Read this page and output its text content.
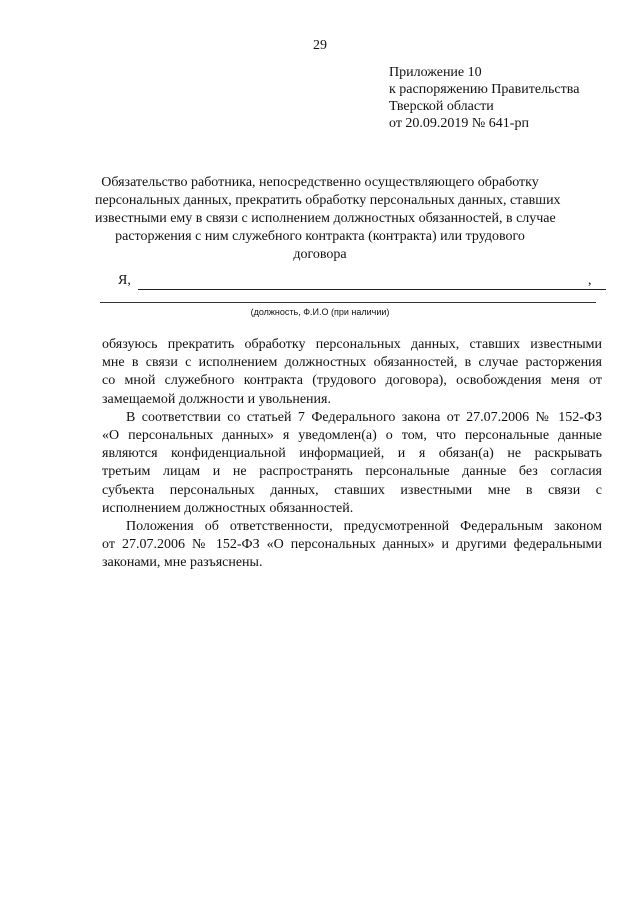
29
Приложение 10
к распоряжению Правительства
Тверской области
от 20.09.2019 № 641-рп
Обязательство работника, непосредственно осуществляющего обработку
персональных данных, прекратить обработку персональных данных, ставших
известными ему в связи с исполнением должностных обязанностей, в случае
расторжения с ним служебного контракта (контракта) или трудового
договора
Я,	,
(должность, Ф.И.О (при наличии)
обязуюсь прекратить обработку персональных данных, ставших известными
мне в связи с исполнением должностных обязанностей, в случае расторжения
со мной служебного контракта (трудового договора), освобождения меня от
замещаемой должности и увольнения.
В соответствии со статьей 7 Федерального закона от 27.07.2006 № 152-ФЗ
«О персональных данных» я уведомлен(а) о том, что персональные данные
являются конфиденциальной информацией, и я обязан(а) не раскрывать
третьим лицам и не распространять персональные данные без согласия
субъекта персональных данных, ставших известными мне в связи с
исполнением должностных обязанностей.
Положения об ответственности, предусмотренной Федеральным законом
от 27.07.2006 № 152-ФЗ «О персональных данных» и другими федеральными
законами, мне разъяснены.
